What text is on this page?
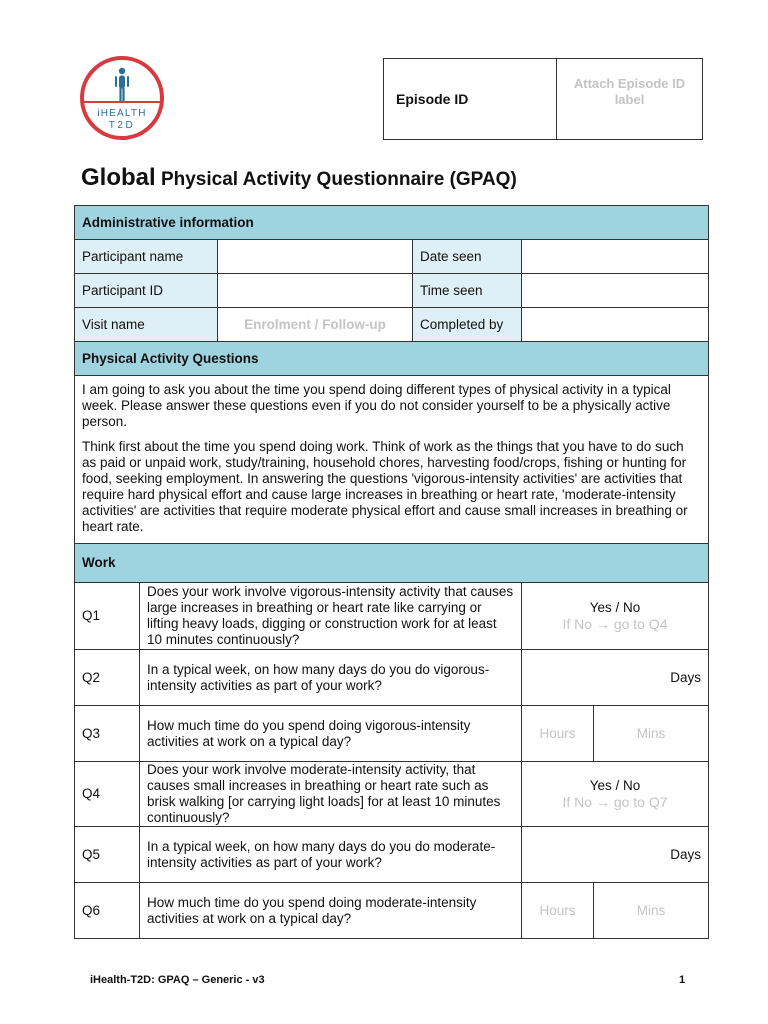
iHEALTH
T2D
Episode ID
Attach Episode ID
label
Global Physical Activity Questionnaire (GPAQ)
Administrative information					
Participant name			Date seen		
Participant ID			Time seen		
Visit name		Enrolment / Follow-up	Completed by		
Physical Activity Questions					

I am going to ask you about the time you spend doing different types of physical activity in a typical week. Please answer these questions even if you do not consider yourself to be a physically active person.

Think first about the time you spend doing work. Think of work as the things that you have to do such as paid or unpaid work, study/training, household chores, harvesting food/crops, fishing or hunting for food, seeking employment. In answering the questions 'vigorous-intensity activities' are activities that require hard physical effort and cause large increases in breathing or heart rate, 'moderate-intensity activities' are activities that require moderate physical effort and cause small increases in breathing or heart rate.					

Work					
Q1	Does your work involve vigorous-intensity activity that causes large increases in breathing or heart rate like carrying or lifting heavy loads, digging or construction work for at least 10 minutes continuously?			Yes / No
If No → go to Q4	

Q2	In a typical week, on how many days do you do vigorous- intensity activities as part of your work?			Days	
Q3	How much time do you spend doing vigorous-intensity activities at work on a typical day?			Hours	Mins
Q4	Does your work involve moderate-intensity activity, that causes small increases in breathing or heart rate such as brisk walking [or carrying light loads] for at least 10 minutes continuously?			Yes / No
If No → go to Q7	

Q5	In a typical week, on how many days do you do moderate- intensity activities as part of your work?			Days	
Q6	How much time do you spend doing moderate-intensity activities at work on a typical day?			Hours	Mins
iHealth-T2D: GPAQ – Generic - v3	1
